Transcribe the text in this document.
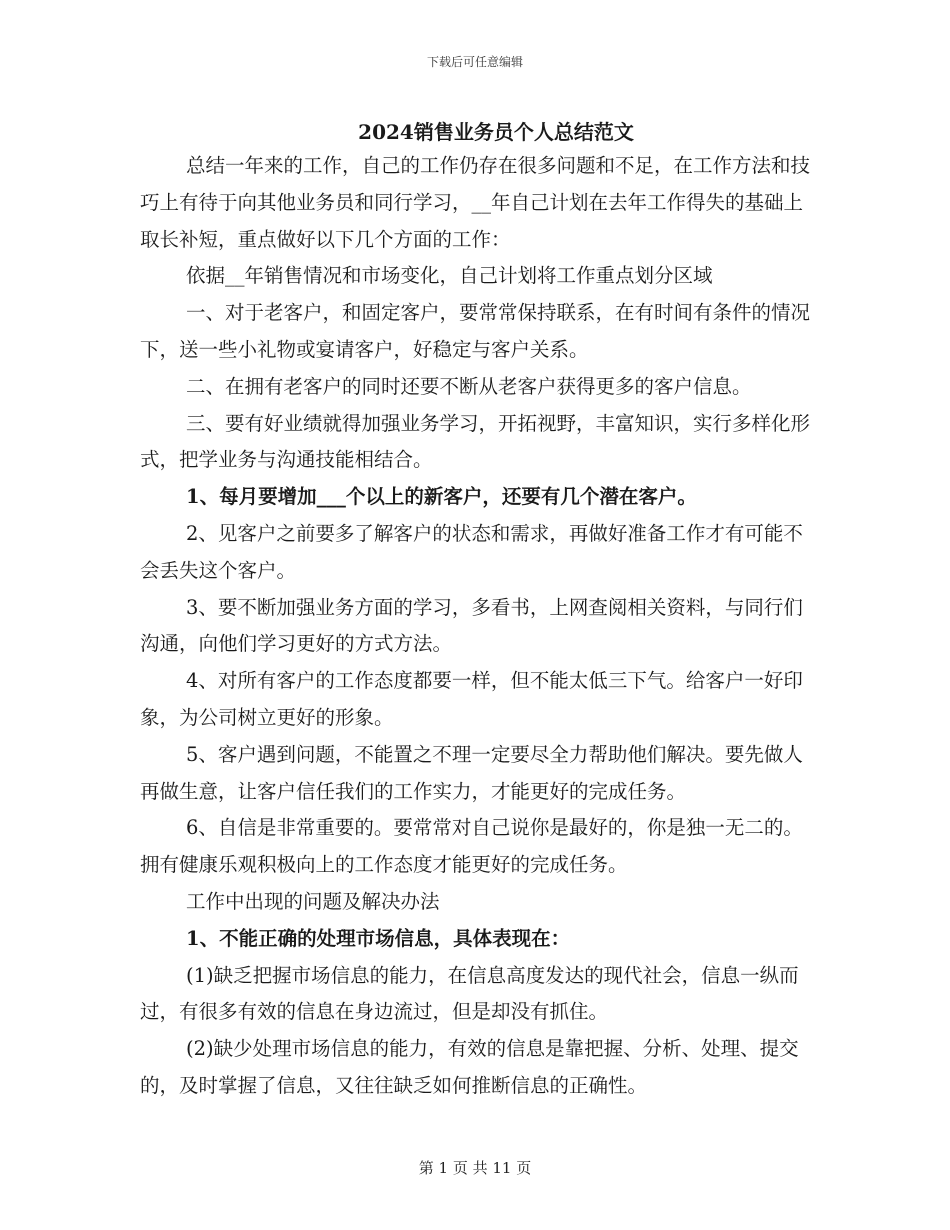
下载后可任意编辑
2024销售业务员个人总结范文

总结一年来的工作，自己的工作仍存在很多问题和不足，在工作方法和技巧上有待于向其他业务员和同行学习，__年自己计划在去年工作得失的基础上取长补短，重点做好以下几个方面的工作：

依据__年销售情况和市场变化，自己计划将工作重点划分区域

一、对于老客户，和固定客户，要常常保持联系，在有时间有条件的情况下，送一些小礼物或宴请客户，好稳定与客户关系。

二、在拥有老客户的同时还要不断从老客户获得更多的客户信息。

三、要有好业绩就得加强业务学习，开拓视野，丰富知识，实行多样化形式，把学业务与沟通技能相结合。

1、每月要增加___个以上的新客户，还要有几个潜在客户。

2、见客户之前要多了解客户的状态和需求，再做好准备工作才有可能不会丢失这个客户。

3、要不断加强业务方面的学习，多看书，上网查阅相关资料，与同行们沟通，向他们学习更好的方式方法。

4、对所有客户的工作态度都要一样，但不能太低三下气。给客户一好印象，为公司树立更好的形象。

5、客户遇到问题，不能置之不理一定要尽全力帮助他们解决。要先做人再做生意，让客户信任我们的工作实力，才能更好的完成任务。

6、自信是非常重要的。要常常对自己说你是最好的，你是独一无二的。拥有健康乐观积极向上的工作态度才能更好的完成任务。

工作中出现的问题及解决办法

1、不能正确的处理市场信息，具体表现在：

(1)缺乏把握市场信息的能力，在信息高度发达的现代社会，信息一纵而过，有很多有效的信息在身边流过，但是却没有抓住。

(2)缺少处理市场信息的能力，有效的信息是靠把握、分析、处理、提交的，及时掌握了信息，又往往缺乏如何推断信息的正确性。

第 1 页 共 11 页
